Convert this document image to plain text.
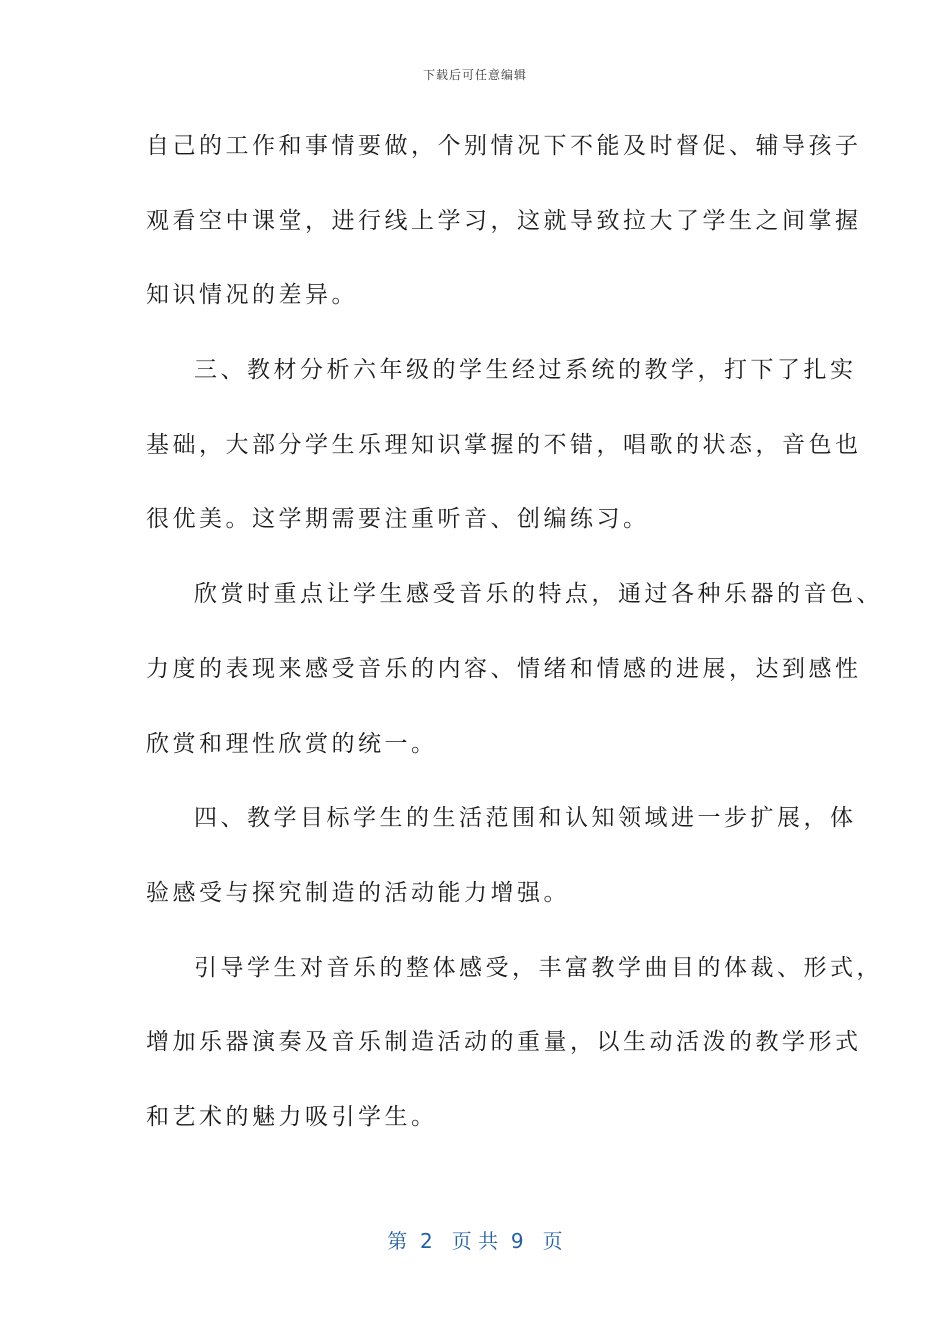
下载后可任意编辑
自己的工作和事情要做，个别情况下不能及时督促、辅导孩子
观看空中课堂，进行线上学习，这就导致拉大了学生之间掌握
知识情况的差异。
三、教材分析六年级的学生经过系统的教学，打下了扎实
基础，大部分学生乐理知识掌握的不错，唱歌的状态，音色也
很优美。这学期需要注重听音、创编练习。
欣赏时重点让学生感受音乐的特点，通过各种乐器的音色、
力度的表现来感受音乐的内容、情绪和情感的进展，达到感性
欣赏和理性欣赏的统一。
四、教学目标学生的生活范围和认知领域进一步扩展，体
验感受与探究制造的活动能力增强。
引导学生对音乐的整体感受，丰富教学曲目的体裁、形式，
增加乐器演奏及音乐制造活动的重量，以生动活泼的教学形式
和艺术的魅力吸引学生。
第  2   页 共  9   页
